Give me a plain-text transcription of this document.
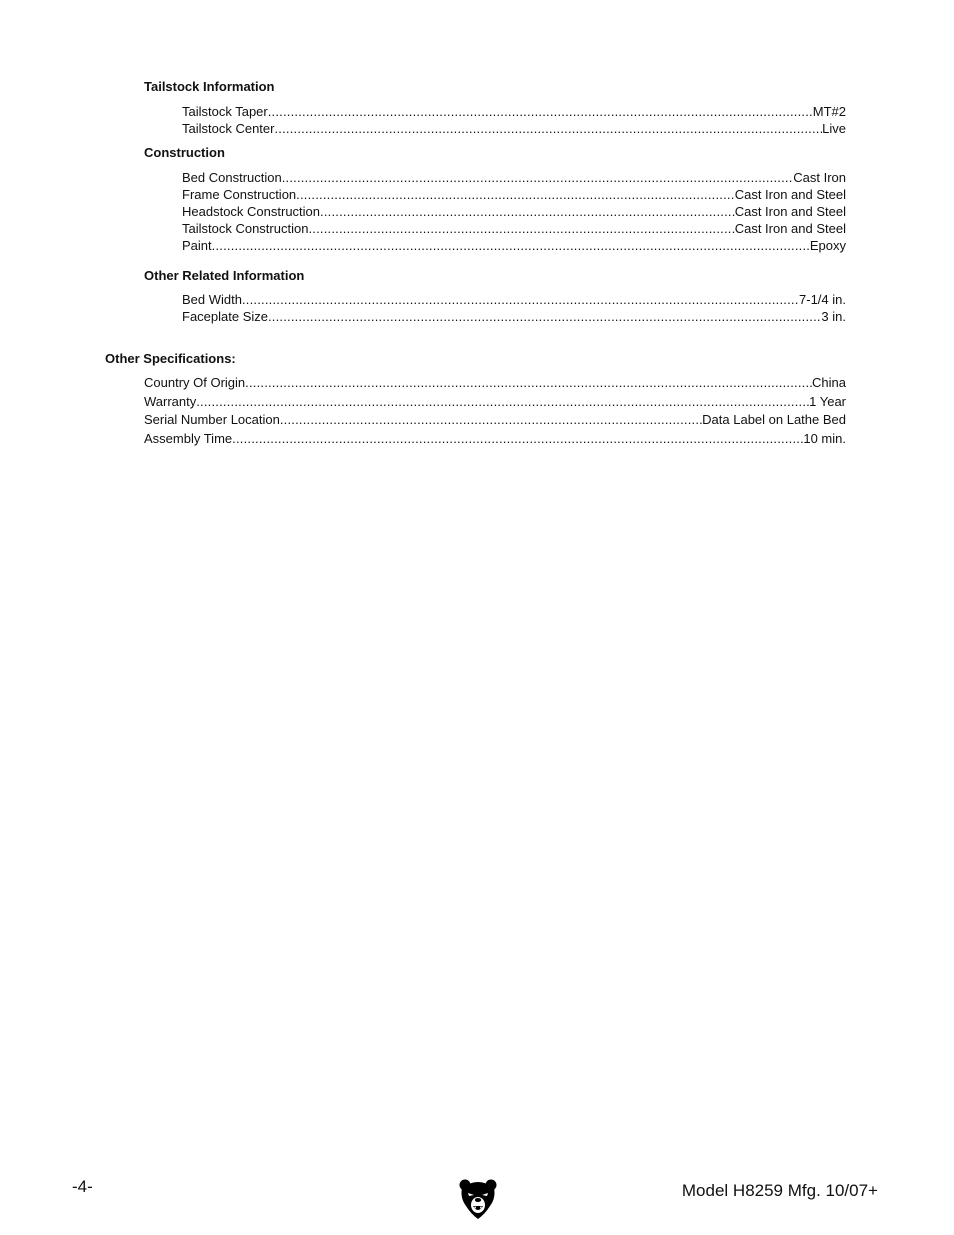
Tailstock Information
Tailstock Taper .....	MT#2
Tailstock Center .....	Live
Construction
Bed Construction .....	Cast Iron
Frame Construction .....	Cast Iron and Steel
Headstock Construction .....	Cast Iron and Steel
Tailstock Construction .....	Cast Iron and Steel
Paint .....	Epoxy
Other Related Information
Bed Width .....	7-1/4 in.
Faceplate Size .....	3 in.
Other Specifications:
Country Of Origin .....	China
Warranty .....	1 Year
Serial Number Location .....	Data Label on Lathe Bed
Assembly Time .....	10 min.
-4-	Model H8259 Mfg. 10/07+
